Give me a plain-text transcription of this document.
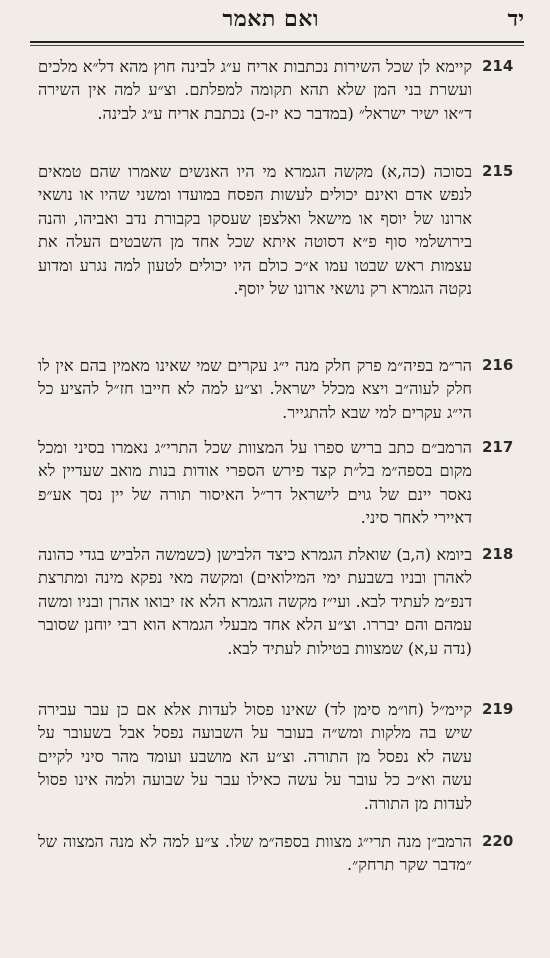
ואם תאמר	יד
214
קיימא לן שכל השירות נכתבות אריח ע״ג לבינה חוץ מהא דל״א מלכים ועשרת בני המן שלא תהא תקומה למפלתם. וצ״ע למה אין השירה ד״או ישיר ישראל״ (במדבר כא יז-כ) נכתבת אריח ע״ג לבינה.
215
בסוכה (כה,א) מקשה הגמרא מי היו האנשים שאמרו שהם טמאים לנפש אדם ואינם יכולים לעשות הפסח במועדו ומשני שהיו או נושאי ארונו של יוסף או מישאל ואלצפן שעסקו בקבורת נדב ואביהו, והנה בירושלמי סוף פ״א דסוטה איתא שכל אחד מן השבטים העלה את עצמות ראש שבטו עמו א״כ כולם היו יכולים לטעון למה נגרע ומדוע נקטה הגמרא רק נושאי ארונו של יוסף.
216
הר״מ בפיה״מ פרק חלק מנה י״ג עקרים שמי שאינו מאמין בהם אין לו חלק לעוה״ב ויצא מכלל ישראל. וצ״ע למה לא חייבו חז״ל להציע כל הי״ג עקרים למי שבא להתגייר.
217
הרמב״ם כתב בריש ספרו על המצוות שכל התרי״ג נאמרו בסיני ומכל מקום בספה״מ בל״ת קצד פירש הספרי אודות בנות מואב שעדיין לא נאסר יינם של גוים לישראל דר״ל האיסור תורה של יין נסך אע״פ דאיירי לאחר סיני.
218
ביומא (ה,ב) שואלת הגמרא כיצד הלבישן (כשמשה הלביש בגדי כהונה לאהרן ובניו בשבעת ימי המילואים) ומקשה מאי נפקא מינה ומתרצת דנפ״מ לעתיד לבא. ועי״ז מקשה הגמרא הלא אז יבואו אהרן ובניו ומשה עמהם והם יבררו. וצ״ע הלא אחד מבעלי הגמרא הוא רבי יוחנן שסובר (נדה ע,א) שמצוות בטילות לעתיד לבא.
219
קיימ״ל (חו״מ סימן לד) שאינו פסול לעדות אלא אם כן עבר עבירה שיש בה מלקות ומש״ה בעובר על השבועה נפסל אבל בשעובר על עשה לא נפסל מן התורה. וצ״ע הא מושבע ועומד מהר סיני לקיים עשה וא״כ כל עובר על עשה כאילו עבר על שבועה ולמה אינו פסול לעדות מן התורה.
220
הרמב״ן מנה תרי״ג מצוות בספה״מ שלו. צ״ע למה לא מנה המצוה של ״מדבר שקר תרחק״.
